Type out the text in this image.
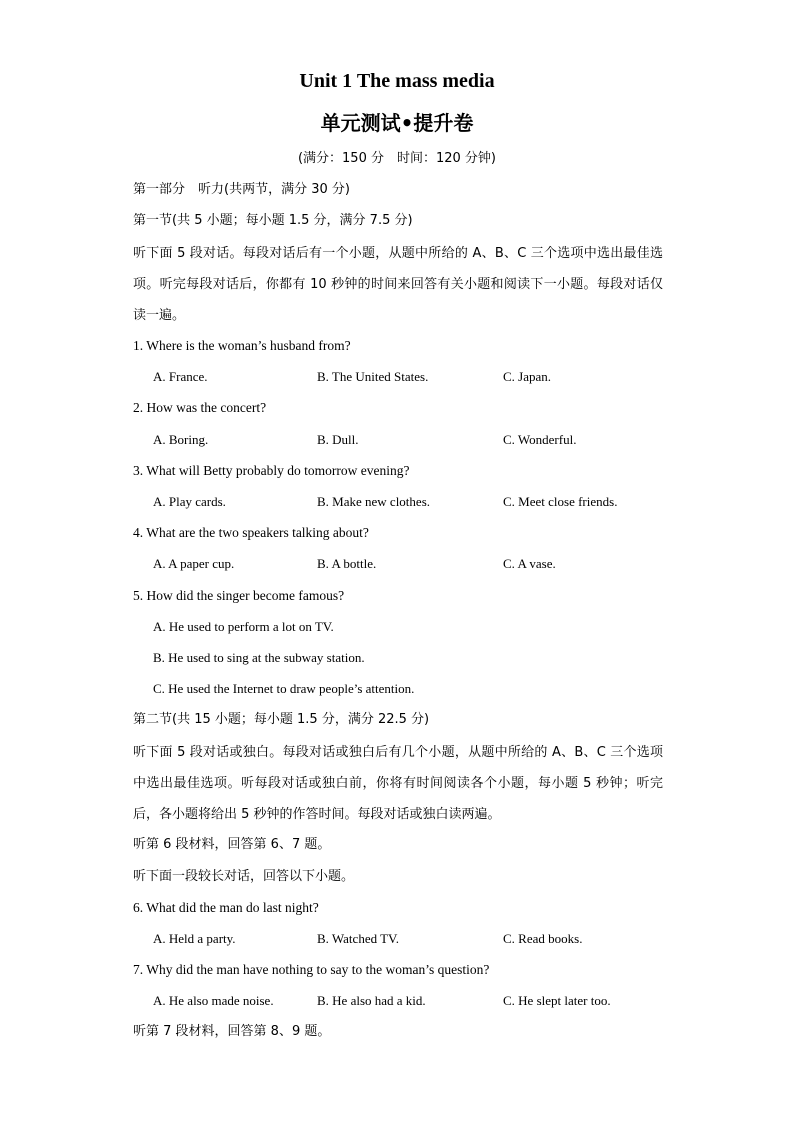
Unit 1 The mass media
单元测试•提升卷
(满分：150 分　时间：120 分钟)
第一部分　听力(共两节，满分 30 分)
第一节(共 5 小题；每小题 1.5 分，满分 7.5 分)
听下面 5 段对话。每段对话后有一个小题，从题中所给的 A、B、C 三个选项中选出最佳选项。听完每段对话后，你都有 10 秒钟的时间来回答有关小题和阅读下一小题。每段对话仅读一遍。
1. Where is the woman’s husband from?
A. France.	B. The United States.	C. Japan.
2. How was the concert?
A. Boring.	B. Dull.	C. Wonderful.
3. What will Betty probably do tomorrow evening?
A. Play cards.	B. Make new clothes.	C. Meet close friends.
4. What are the two speakers talking about?
A. A paper cup.	B. A bottle.	C. A vase.
5. How did the singer become famous?
A. He used to perform a lot on TV.
B. He used to sing at the subway station.
C. He used the Internet to draw people’s attention.
第二节(共 15 小题；每小题 1.5 分，满分 22.5 分)
听下面 5 段对话或独白。每段对话或独白后有几个小题，从题中所给的 A、B、C 三个选项中选出最佳选项。听每段对话或独白前，你将有时间阅读各个小题，每小题 5 秒钟；听完后，各小题将给出 5 秒钟的作答时间。每段对话或独白读两遍。
听第 6 段材料，回答第 6、7 题。
听下面一段较长对话，回答以下小题。
6. What did the man do last night?
A. Held a party.	B. Watched TV.	C. Read books.
7. Why did the man have nothing to say to the woman’s question?
A. He also made noise.	B. He also had a kid.	C. He slept later too.
听第 7 段材料，回答第 8、9 题。
